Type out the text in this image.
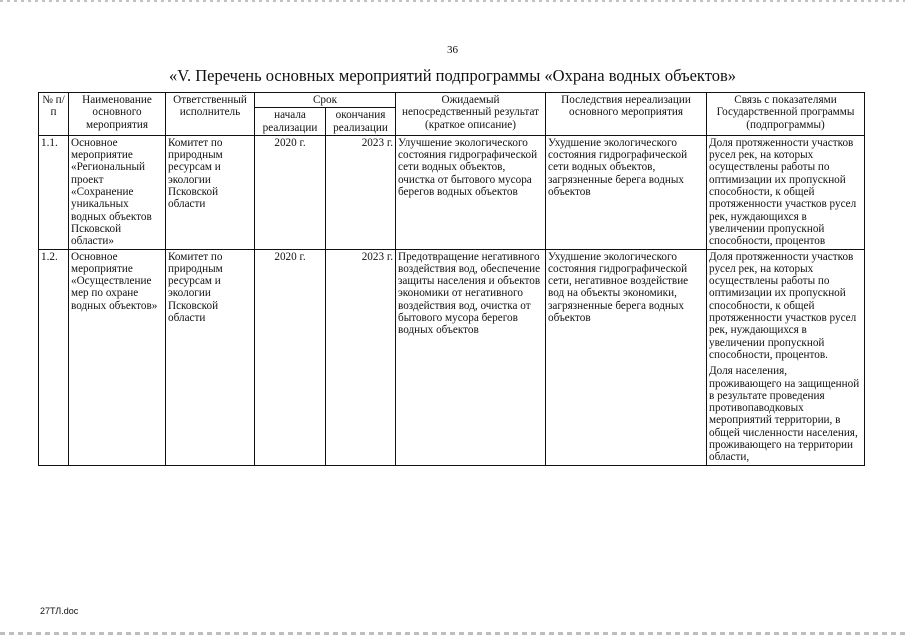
36
«V. Перечень основных мероприятий подпрограммы «Охрана водных объектов»
№ п/п	Наименование основного мероприятия	Ответственный исполнитель	Срок		Ожидаемый непосредственный результат (краткое описание)	Последствия нереализации основного мероприятия	Связь с показателями Государственной программы (подпрограммы)
			начала реализации	окончания реализации			
1.1.	Основное мероприятие «Региональный проект «Сохранение уникальных водных объектов Псковской области»	Комитет по природным ресурсам и экологии Псковской области	2020 г.	2023 г.	Улучшение экологического состояния гидрографической сети водных объектов, очистка от бытового мусора берегов водных объектов	Ухудшение экологического состояния гидрографической сети водных объектов, загрязненные берега водных объектов	Доля протяженности участков русел рек, на которых осуществлены работы по оптимизации их пропускной способности, к общей протяженности участков русел рек, нуждающихся в увеличении пропускной способности, процентов

1.2.	Основное мероприятие «Осуществление мер по охране водных объектов»	Комитет по природным ресурсам и экологии Псковской области	2020 г.	2023 г.	Предотвращение негативного воздействия вод, обеспечение защиты населения и объектов экономики от негативного воздействия вод, очистка от бытового мусора берегов водных объектов	Ухудшение экологического состояния гидрографической сети, негативное воздействие вод на объекты экономики, загрязненные берега водных объектов	Доля протяженности участков русел рек, на которых осуществлены работы по оптимизации их пропускной способности, к общей протяженности участков русел рек, нуждающихся в увеличении пропускной способности, процентов.
Доля населения, проживающего на защищенной в результате проведения противопаводковых мероприятий территории, в общей численности населения, проживающего на территории области,
27ТЛ.doc
